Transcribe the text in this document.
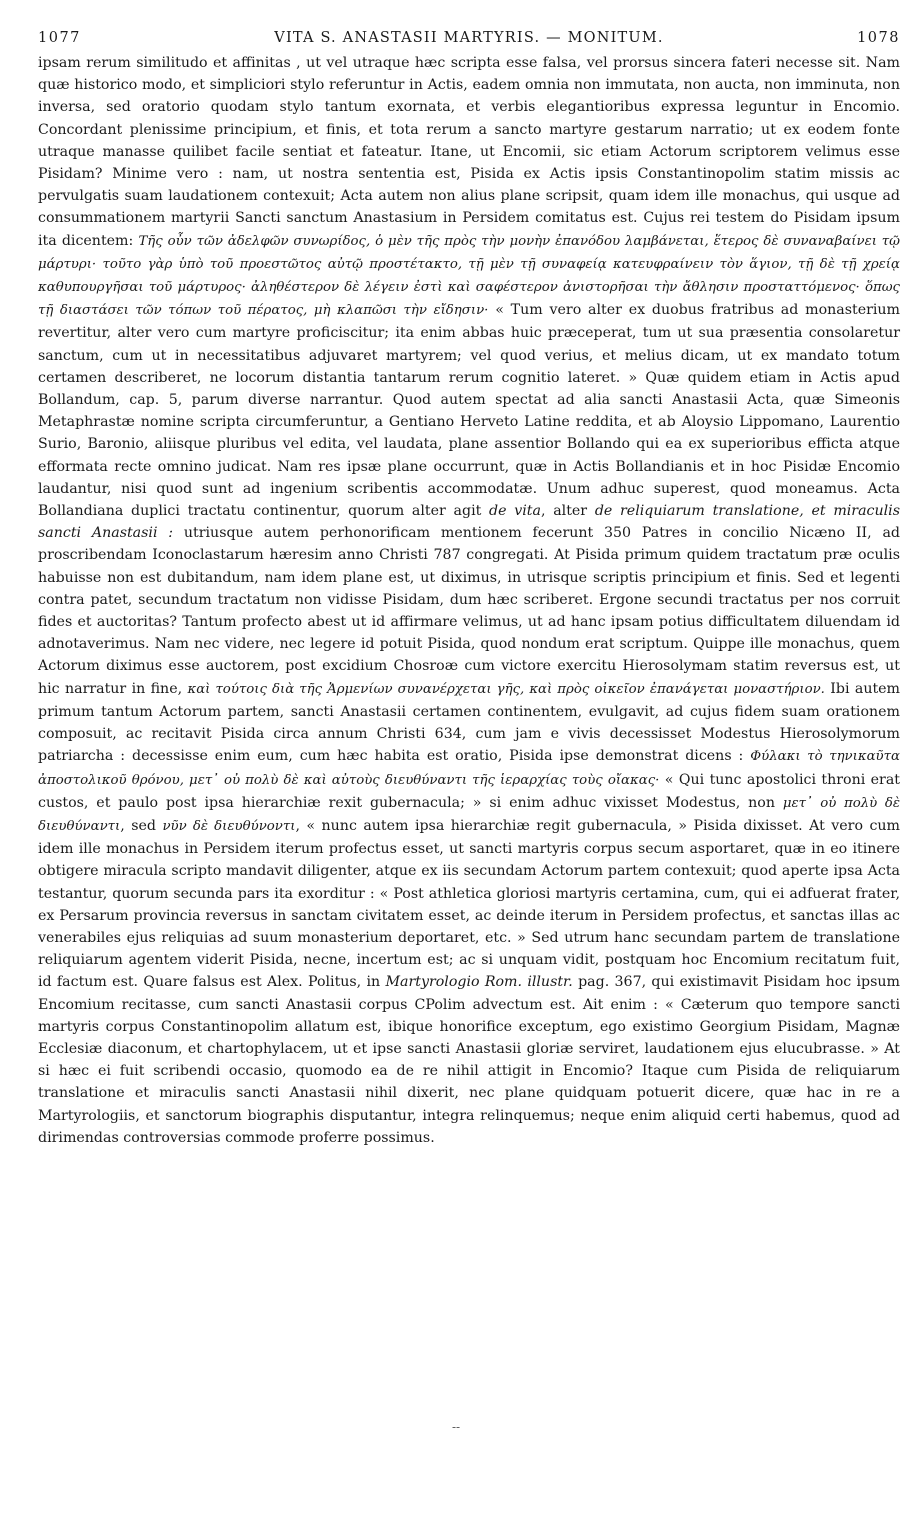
1077	VITA S. ANASTASII MARTYRIS. — MONITUM.	1078

ipsam rerum similitudo et affinitas , ut vel utraque hæc scripta esse falsa, vel prorsus sincera fateri necesse sit. Nam quæ historico modo, et simpliciori stylo referuntur in Actis, eadem omnia non immutata, non aucta, non imminuta, non inversa, sed oratorio quodam stylo tantum exornata, et verbis elegantioribus expressa leguntur in Encomio. Concordant plenissime principium, et finis, et tota rerum a sancto martyre gestarum narratio; ut ex eodem fonte utraque manasse quilibet facile sentiat et fateatur. Itane, ut Encomii, sic etiam Actorum scriptorem velimus esse Pisidam? Minime vero : nam, ut nostra sententia est, Pisida ex Actis ipsis Constantinopolim statim missis ac pervulgatis suam laudationem contexuit; Acta autem non alius plane scripsit, quam idem ille monachus, qui usque ad consummationem martyrii Sancti sanctum Anastasium in Persidem comitatus est. Cujus rei testem do Pisidam ipsum ita dicentem: Τῆς οὖν τῶν ἀδελφῶν συνωρίδος, ὁ μὲν τῆς πρὸς τὴν μονὴν ἐπανόδου λαμβάνεται, ἕτερος δὲ συναναβαίνει τῷ μάρτυρι· τοῦτο γὰρ ὑπὸ τοῦ προεστῶτος αὐτῷ προστέτακτο, τῇ μὲν τῇ συναφείᾳ κατευφραίνειν τὸν ἅγιον, τῇ δὲ τῇ χρείᾳ καθυπουργῆσαι τοῦ μάρτυρος· ἀληθέστερον δὲ λέγειν ἐστὶ καὶ σαφέστερον ἀνιστορῆσαι τὴν ἄθλησιν προσταττόμενος· ὅπως τῇ διαστάσει τῶν τόπων τοῦ πέρατος, μὴ κλαπῶσι τὴν εἴδησιν· « Tum vero alter ex duobus fratribus ad monasterium revertitur, alter vero cum martyre proficiscitur; ita enim abbas huic præceperat, tum ut sua præsentia consolaretur sanctum, cum ut in necessitatibus adjuvaret martyrem; vel quod verius, et melius dicam, ut ex mandato totum certamen describeret, ne locorum distantia tantarum rerum cognitio lateret. » Quæ quidem etiam in Actis apud Bollandum, cap. 5, parum diverse narrantur. Quod autem spectat ad alia sancti Anastasii Acta, quæ Simeonis Metaphrastæ nomine scripta circumferuntur, a Gentiano Herveto Latine reddita, et ab Aloysio Lippomano, Laurentio Surio, Baronio, aliisque pluribus vel edita, vel laudata, plane assentior Bollando qui ea ex superioribus efficta atque efformata recte omnino judicat. Nam res ipsæ plane occurrunt, quæ in Actis Bollandianis et in hoc Pisidæ Encomio laudantur, nisi quod sunt ad ingenium scribentis accommodatæ. Unum adhuc superest, quod moneamus. Acta Bollandiana duplici tractatu continentur, quorum alter agit de vita, alter de reliquiarum translatione, et miraculis sancti Anastasii : utriusque autem perhonorificam mentionem fecerunt 350 Patres in concilio Nicæno II, ad proscribendam Iconoclastarum hæresim anno Christi 787 congregati. At Pisida primum quidem tractatum præ oculis habuisse non est dubitandum, nam idem plane est, ut diximus, in utrisque scriptis principium et finis. Sed et legenti contra patet, secundum tractatum non vidisse Pisidam, dum hæc scriberet. Ergone secundi tractatus per nos corruit fides et auctoritas? Tantum profecto abest ut id affirmare velimus, ut ad hanc ipsam potius difficultatem diluendam id adnotaverimus. Nam nec videre, nec legere id potuit Pisida, quod nondum erat scriptum. Quippe ille monachus, quem Actorum diximus esse auctorem, post excidium Chosroæ cum victore exercitu Hierosolymam statim reversus est, ut hic narratur in fine, καὶ τούτοις διὰ τῆς Ἀρμενίων συνανέρχεται γῆς, καὶ πρὸς οἰκεῖον ἐπανάγεται μοναστήριον. Ibi autem primum tantum Actorum partem, sancti Anastasii certamen continentem, evulgavit, ad cujus fidem suam orationem composuit, ac recitavit Pisida circa annum Christi 634, cum jam e vivis decessisset Modestus Hierosolymorum patriarcha : decessisse enim eum, cum hæc habita est oratio, Pisida ipse demonstrat dicens : Φύλακι τὸ τηνικαῦτα ἀποστολικοῦ θρόνου, μετ᾽ οὐ πολὺ δὲ καὶ αὐτοὺς διευθύναντι τῆς ἱεραρχίας τοὺς οἴακας· « Qui tunc apostolici throni erat custos, et paulo post ipsa hierarchiæ rexit gubernacula; » si enim adhuc vixisset Modestus, non μετ᾽ οὐ πολὺ δὲ διευθύναντι, sed νῦν δὲ διευθύνοντι, « nunc autem ipsa hierarchiæ regit gubernacula, » Pisida dixisset. At vero cum idem ille monachus in Persidem iterum profectus esset, ut sancti martyris corpus secum asportaret, quæ in eo itinere obtigere miracula scripto mandavit diligenter, atque ex iis secundam Actorum partem contexuit; quod aperte ipsa Acta testantur, quorum secunda pars ita exorditur : « Post athletica gloriosi martyris certamina, cum, qui ei adfuerat frater, ex Persarum provincia reversus in sanctam civitatem esset, ac deinde iterum in Persidem profectus, et sanctas illas ac venerabiles ejus reliquias ad suum monasterium deportaret, etc. » Sed utrum hanc secundam partem de translatione reliquiarum agentem viderit Pisida, necne, incertum est; ac si unquam vidit, postquam hoc Encomium recitatum fuit, id factum est. Quare falsus est Alex. Politus, in Martyrologio Rom. illustr. pag. 367, qui existimavit Pisidam hoc ipsum Encomium recitasse, cum sancti Anastasii corpus CPolim advectum est. Ait enim : « Cæterum quo tempore sancti martyris corpus Constantinopolim allatum est, ibique honorifice exceptum, ego existimo Georgium Pisidam, Magnæ Ecclesiæ diaconum, et chartophylacem, ut et ipse sancti Anastasii gloriæ serviret, laudationem ejus elucubrasse. » At si hæc ei fuit scribendi occasio, quomodo ea de re nihil attigit in Encomio? Itaque cum Pisida de reliquiarum translatione et miraculis sancti Anastasii nihil dixerit, nec plane quidquam potuerit dicere, quæ hac in re a Martyrologiis, et sanctorum biographis disputantur, integra relinquemus; neque enim aliquid certi habemus, quod ad dirimendas controversias commode proferre possimus.

--
